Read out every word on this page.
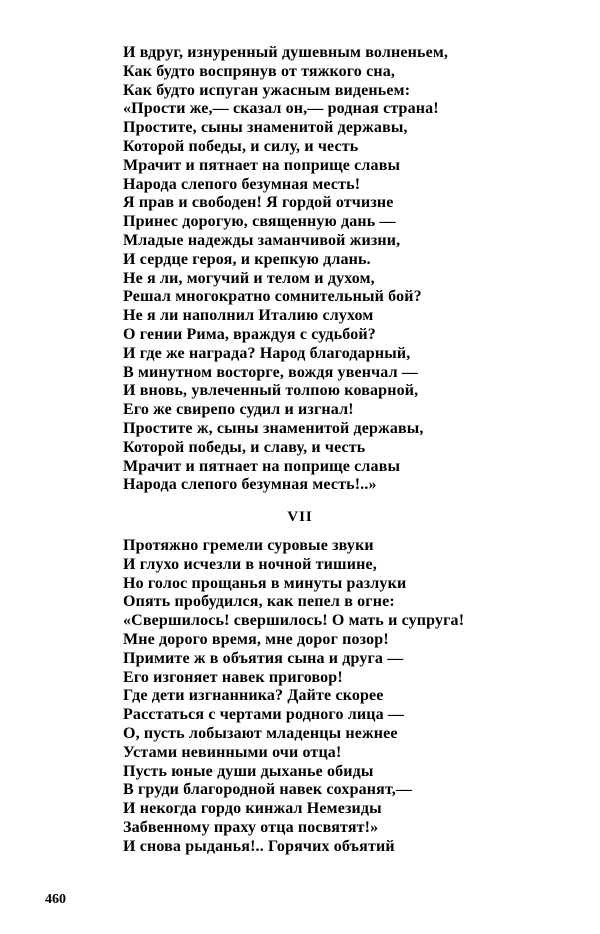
И вдруг, изнуренный душевным волненьем,
Как будто воспрянув от тяжкого сна,
Как будто испуган ужасным виденьем:
«Прости же,— сказал он,— родная страна!
Простите, сыны знаменитой державы,
Которой победы, и силу, и честь
Мрачит и пятнает на поприще славы
Народа слепого безумная месть!
Я прав и свободен! Я гордой отчизне
Принес дорогую, священную дань —
Младые надежды заманчивой жизни,
И сердце героя, и крепкую длань.
Не я ли, могучий и телом и духом,
Решал многократно сомнительный бой?
Не я ли наполнил Италию слухом
О гении Рима, враждуя с судьбой?
И где же награда? Народ благодарный,
В минутном восторге, вождя увенчал —
И вновь, увлеченный толпою коварной,
Его же свирепо судил и изгнал!
Простите ж, сыны знаменитой державы,
Которой победы, и славу, и честь
Мрачит и пятнает на поприще славы
Народа слепого безумная месть!..»
VII
Протяжно гремели суровые звуки
И глухо исчезли в ночной тишине,
Но голос прощанья в минуты разлуки
Опять пробудился, как пепел в огне:
«Свершилось! свершилось! О мать и супруга!
Мне дорого время, мне дорог позор!
Примите ж в объятия сына и друга —
Его изгоняет навек приговор!
Где дети изгнанника? Дайте скорее
Расстаться с чертами родного лица —
О, пусть лобызают младенцы нежнее
Устами невинными очи отца!
Пусть юные души дыханье обиды
В груди благородной навек сохранят,—
И некогда гордо кинжал Немезиды
Забвенному праху отца посвятят!»
И снова рыданья!.. Горячих объятий
460
